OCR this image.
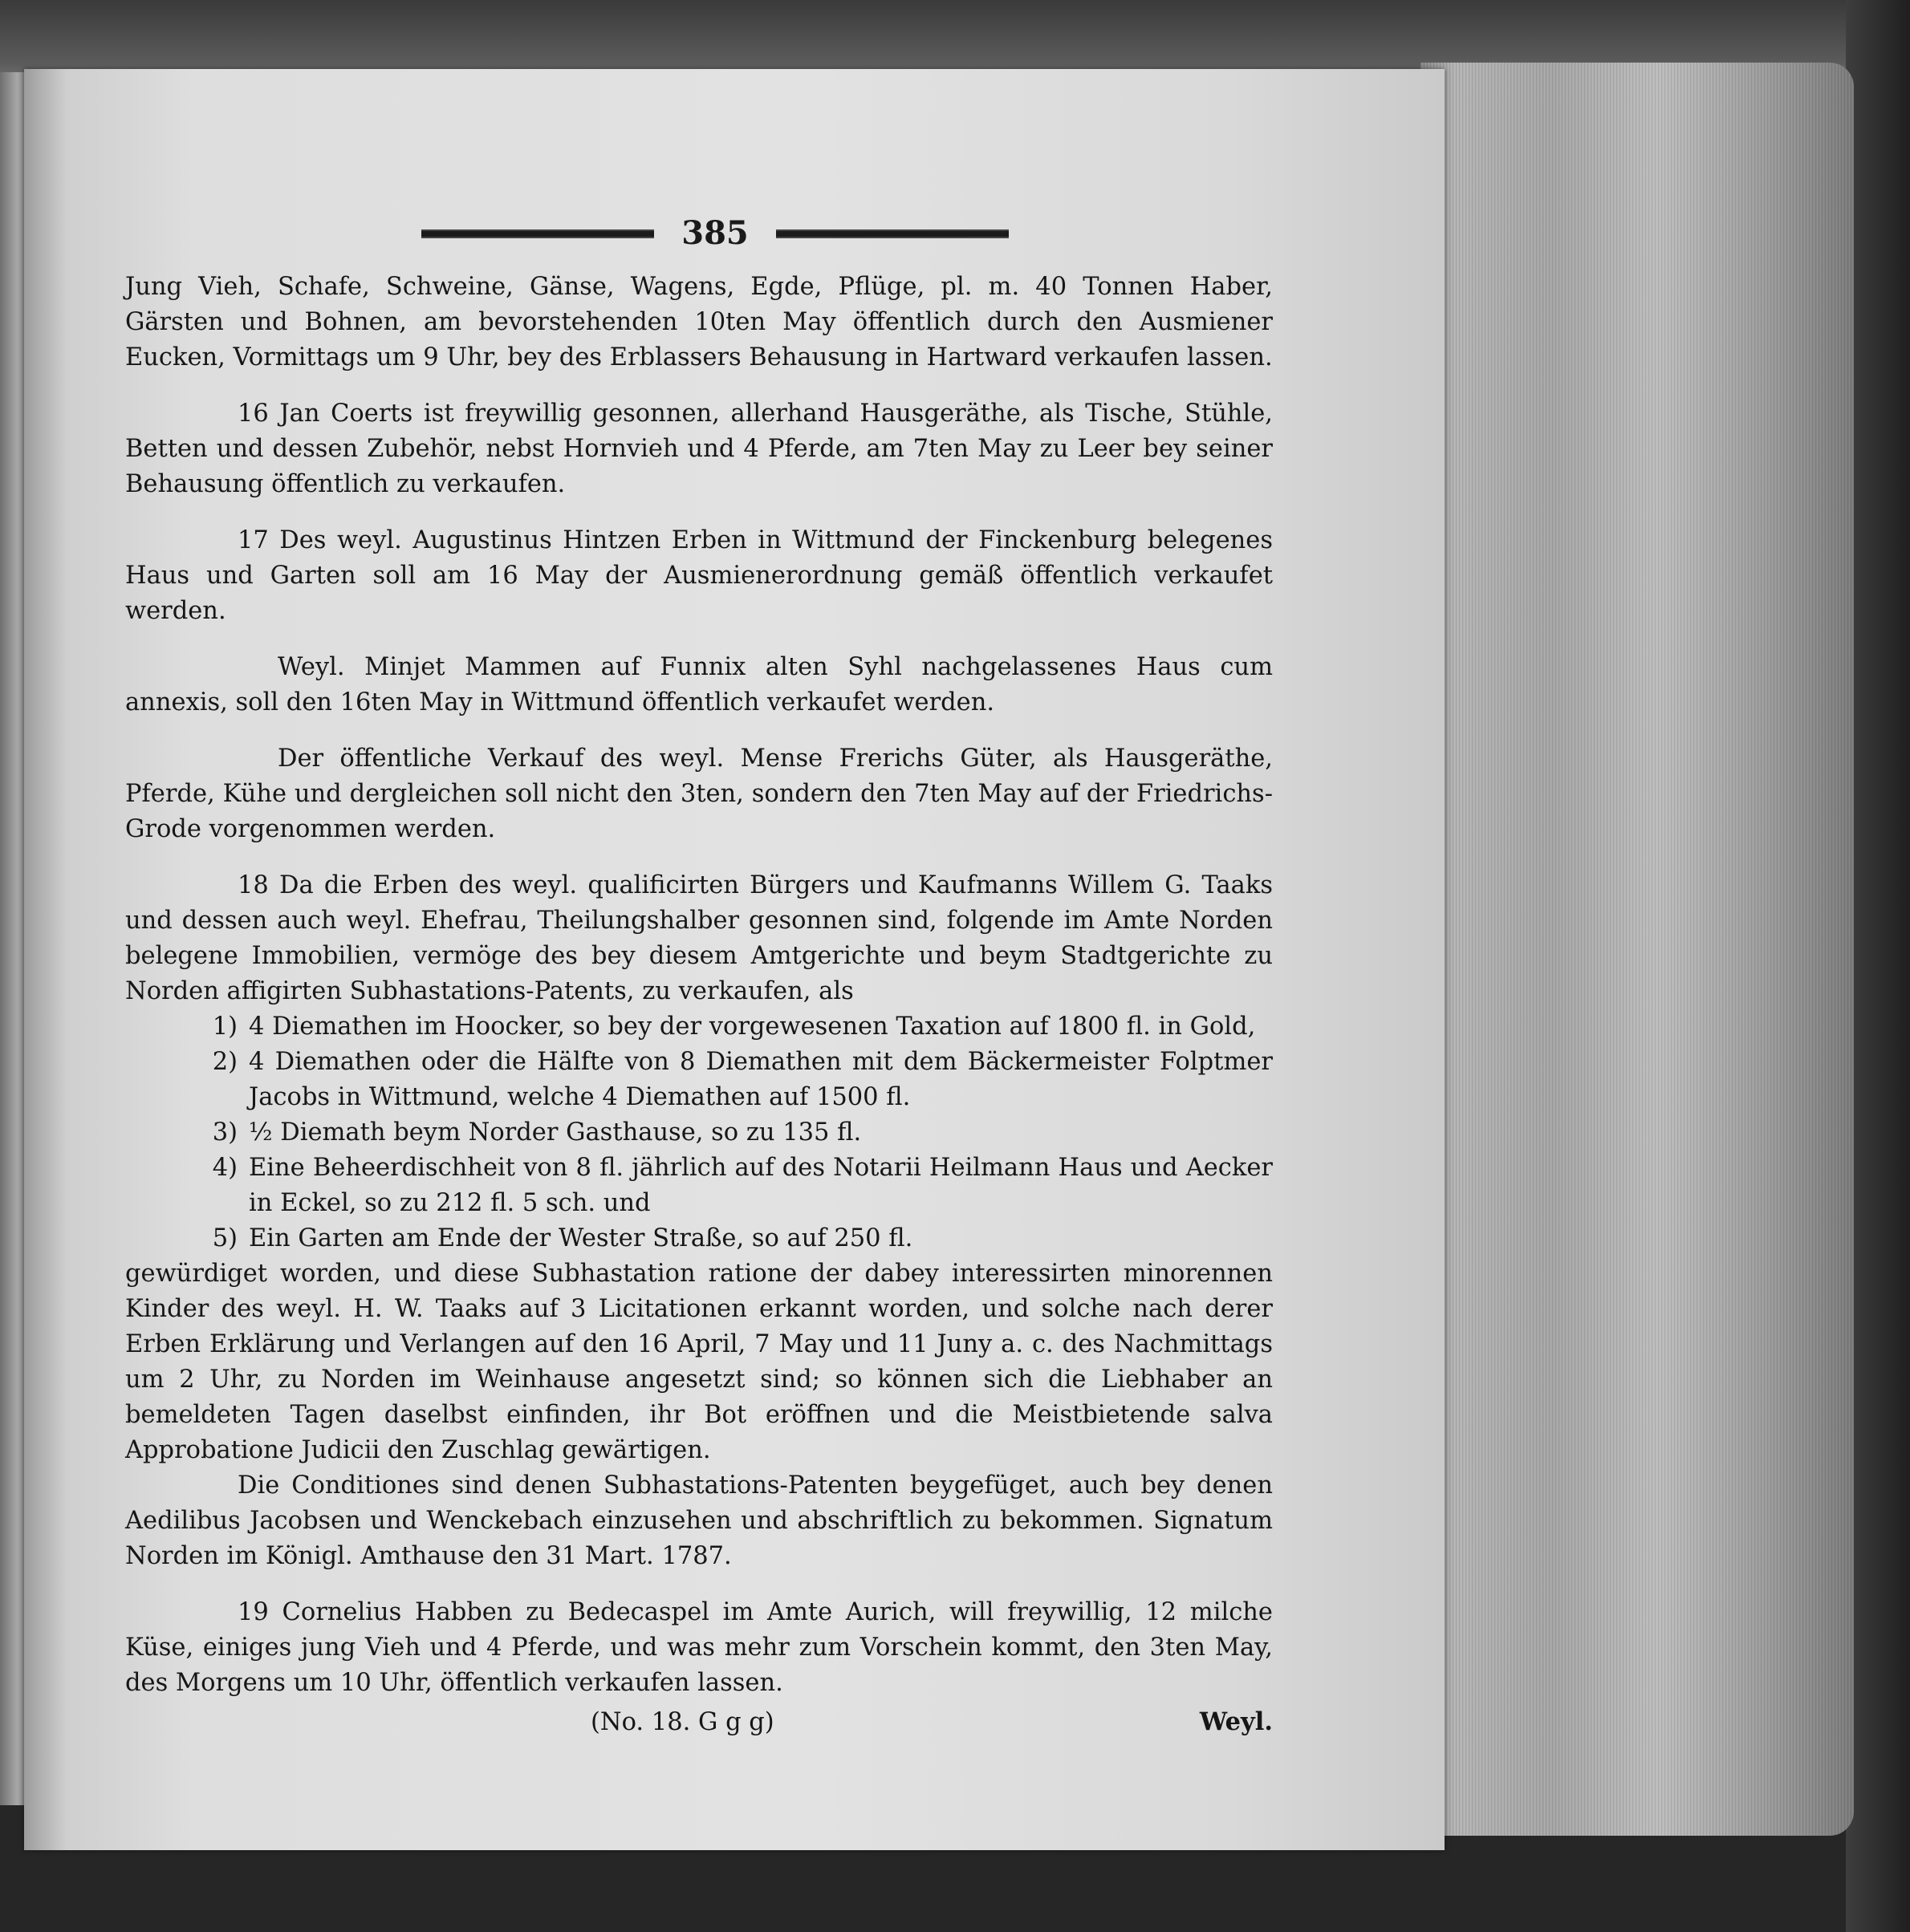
385

Jung Vieh, Schafe, Schweine, Gänse, Wagens, Egde, Pflüge, pl. m. 40 Tonnen Haber, Gärsten und Bohnen, am bevorstehenden 10ten May öffentlich durch den Ausmiener Eucken, Vormittags um 9 Uhr, bey des Erblassers Behausung in Hartward verkaufen lassen.

16 Jan Coerts ist freywillig gesonnen, allerhand Hausgeräthe, als Tische, Stühle, Betten und dessen Zubehör, nebst Hornvieh und 4 Pferde, am 7ten May zu Leer bey seiner Behausung öffentlich zu verkaufen.

17 Des weyl. Augustinus Hintzen Erben in Wittmund der Finckenburg belegenes Haus und Garten soll am 16 May der Ausmienerordnung gemäß öffentlich verkaufet werden.

Weyl. Minjet Mammen auf Funnix alten Syhl nachgelassenes Haus cum annexis, soll den 16ten May in Wittmund öffentlich verkaufet werden.

Der öffentliche Verkauf des weyl. Mense Frerichs Güter, als Hausgeräthe, Pferde, Kühe und dergleichen soll nicht den 3ten, sondern den 7ten May auf der Friedrichs-Grode vorgenommen werden.

18 Da die Erben des weyl. qualificirten Bürgers und Kaufmanns Willem G. Taaks und dessen auch weyl. Ehefrau, Theilungshalber gesonnen sind, folgende im Amte Norden belegene Immobilien, vermöge des bey diesem Amtgerichte und beym Stadtgerichte zu Norden affigirten Subhastations-Patents, zu verkaufen, als

1) 4 Diemathen im Hoocker, so bey der vorgewesenen Taxation auf 1800 fl. in Gold,
2) 4 Diemathen oder die Hälfte von 8 Diemathen mit dem Bäckermeister Folptmer Jacobs in Wittmund, welche 4 Diemathen auf 1500 fl.
3) ½ Diemath beym Norder Gasthause, so zu 135 fl.
4) Eine Beheerdischheit von 8 fl. jährlich auf des Notarii Heilmann Haus und Aecker in Eckel, so zu 212 fl. 5 sch. und
5) Ein Garten am Ende der Wester Straße, so auf 250 fl.

gewürdiget worden, und diese Subhastation ratione der dabey interessirten minorennen Kinder des weyl. H. W. Taaks auf 3 Licitationen erkannt worden, und solche nach derer Erben Erklärung und Verlangen auf den 16 April, 7 May und 11 Juny a. c. des Nachmittags um 2 Uhr, zu Norden im Weinhause angesetzt sind; so können sich die Liebhaber an bemeldeten Tagen daselbst einfinden, ihr Bot eröffnen und die Meistbietende salva Approbatione Judicii den Zuschlag gewärtigen.

Die Conditiones sind denen Subhastations-Patenten beygefüget, auch bey denen Aedilibus Jacobsen und Wenckebach einzusehen und abschriftlich zu bekommen. Signatum Norden im Königl. Amthause den 31 Mart. 1787.

19 Cornelius Habben zu Bedecaspel im Amte Aurich, will freywillig, 12 milche Küse, einiges jung Vieh und 4 Pferde, und was mehr zum Vorschein kommt, den 3ten May, des Morgens um 10 Uhr, öffentlich verkaufen lassen.

(No. 18. G g g)	Weyl.
